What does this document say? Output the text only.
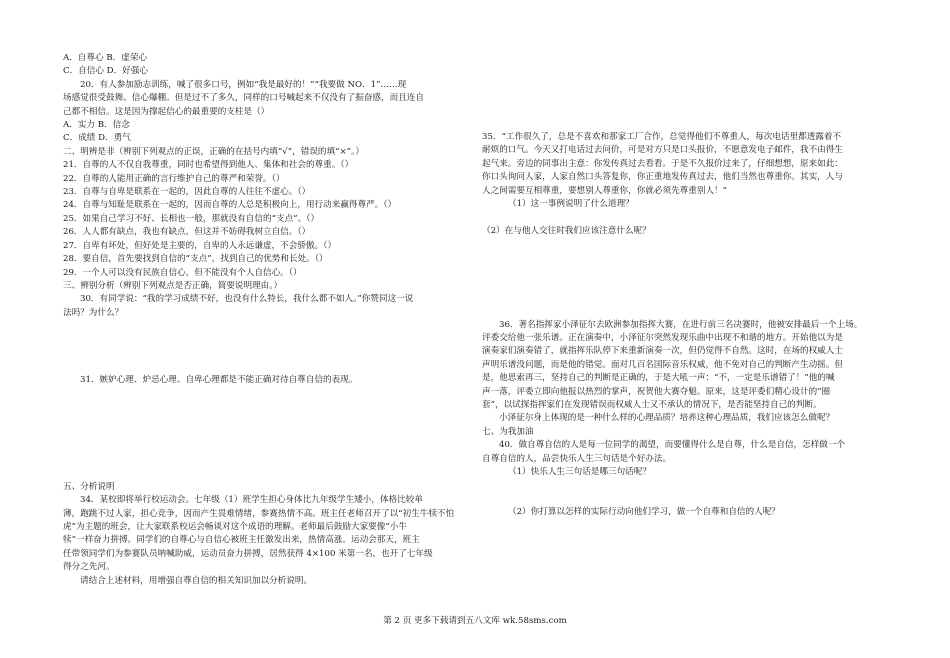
A．自尊心 B．虚荣心
C．自信心 D．好强心
20．有人参加励志训练，喊了很多口号，例如“我是最好的！”“我要做 NO．1”……现
场感觉很受鼓舞、信心爆棚。但是过不了多久，同样的口号喊起来不仅没有了振奋感，而且连自
己都不相信。这是因为撑起信心的最重要的支柱是（）
A．实力 B．信念
C．成绩 D．勇气
二、明辨是非（辨别下列观点的正误，正确的在括号内填“√”，错误的填“×”。）
21．自尊的人不仅自我尊重，同时也希望得到他人、集体和社会的尊重。（）
22．自尊的人能用正确的言行维护自己的尊严和荣誉。（）
23．自尊与自卑是联系在一起的，因此自尊的人往往不虚心。（）
24．自尊与知耻是联系在一起的，因而自尊的人总是积极向上，用行动来赢得尊严。（）
25．如果自己学习不好、长相也一般，那就没有自信的“支点”。（）
26．人人都有缺点，我也有缺点，但这并不妨碍我树立自信。（）
27．自卑有坏处，但好处是主要的，自卑的人永远谦虚，不会骄傲。（）
28．要自信，首先要找到自信的“支点”，找到自己的优势和长处。（）
29．一个人可以没有民族自信心，但不能没有个人自信心。（）
三、辨别分析（辨别下列观点是否正确，简要说明理由。）
30．有同学说：“我的学习成绩不好，也没有什么特长，我什么都不如人。”你赞同这一说
法吗？为什么？
31．嫉妒心理、炉忌心理、自卑心理都是不能正确对待自尊自信的表现。
五、分析说明
34．某校即将举行校运动会。七年级（1）班学生担心身体比九年级学生矮小，体格比较单
薄，跑跳不过人家，担心竞争，因而产生畏难情绪，参赛热情不高。班主任老师召开了以“初生牛犊不怕
虎”为主题的班会，让大家联系校运会畅谈对这个成语的理解。老师最后鼓励大家要像“小牛
犊”一样奋力拼搏。同学们的自尊心与自信心被班主任激发出来，热情高涨。运动会那天，班主
任带领同学们为参赛队员呐喊助威，运动员奋力拼搏，居然获得 4×100 米第一名，也开了七年级
得分之先河。
请结合上述材料，用增强自尊自信的相关知识加以分析说明。
35．“工作很久了，总是不喜欢和那家工厂合作，总觉得他们不尊重人，每次电话里都透露着不
耐烦的口气。今天又打电话过去问价，可是对方只是口头报价，不愿意发电子邮件，我不由得生
起气来。旁边的同事出主意：你发传真过去看看。于是不久报价过来了，仔细想想，原来如此：
你口头询问人家，人家自然口头答复你，你正重地发传真过去，他们当然也尊重你。其实，人与
人之间需要互相尊重，要想别人尊重你，你就必须先尊重别人！”
（1）这一事例说明了什么道理？
（2）在与他人交往时我们应该注意什么呢？
36．著名指挥家小泽征尔去欧洲参加指挥大赛，在进行前三名决赛时，他被安排最后一个上场。
评委交给他一张乐谱。正在演奏中，小泽征尔突然发现乐曲中出现不和谐的地方。开始他以为是
演奏家们演奏错了，就指挥乐队停下来重新演奏一次，但仍觉得不自然。这时，在场的权威人士
声明乐谱没问题，而是他的错觉。面对几百名国际音乐权威，他不免对自己的判断产生动摇。但
是，他思索再三，坚持自己的判断是正确的，于是大吼一声：“不，一定是乐谱错了！”他的喊
声一落，评委立即向他报以热烈的掌声，祝贺他大赛夺魁。原来，这是评委们精心设计的“圈
套”，以试探指挥家们在发现错误而权威人士又不承认的情况下，是否能坚持自己的判断。
小泽征尔身上体现的是一种什么样的心理品质？培养这种心理品质，我们应该怎么做呢？
七、为我加油
40．做自尊自信的人是每一位同学的渴望，而要懂得什么是自尊，什么是自信，怎样做一个
自尊自信的人，品尝快乐人生三句话是个好办法。
（1）快乐人生三句话是哪三句话呢？
（2）你打算以怎样的实际行动向他们学习，做一个自尊和自信的人呢？
第 2 页 更多下载请到五八文库 wk.58sms.com
